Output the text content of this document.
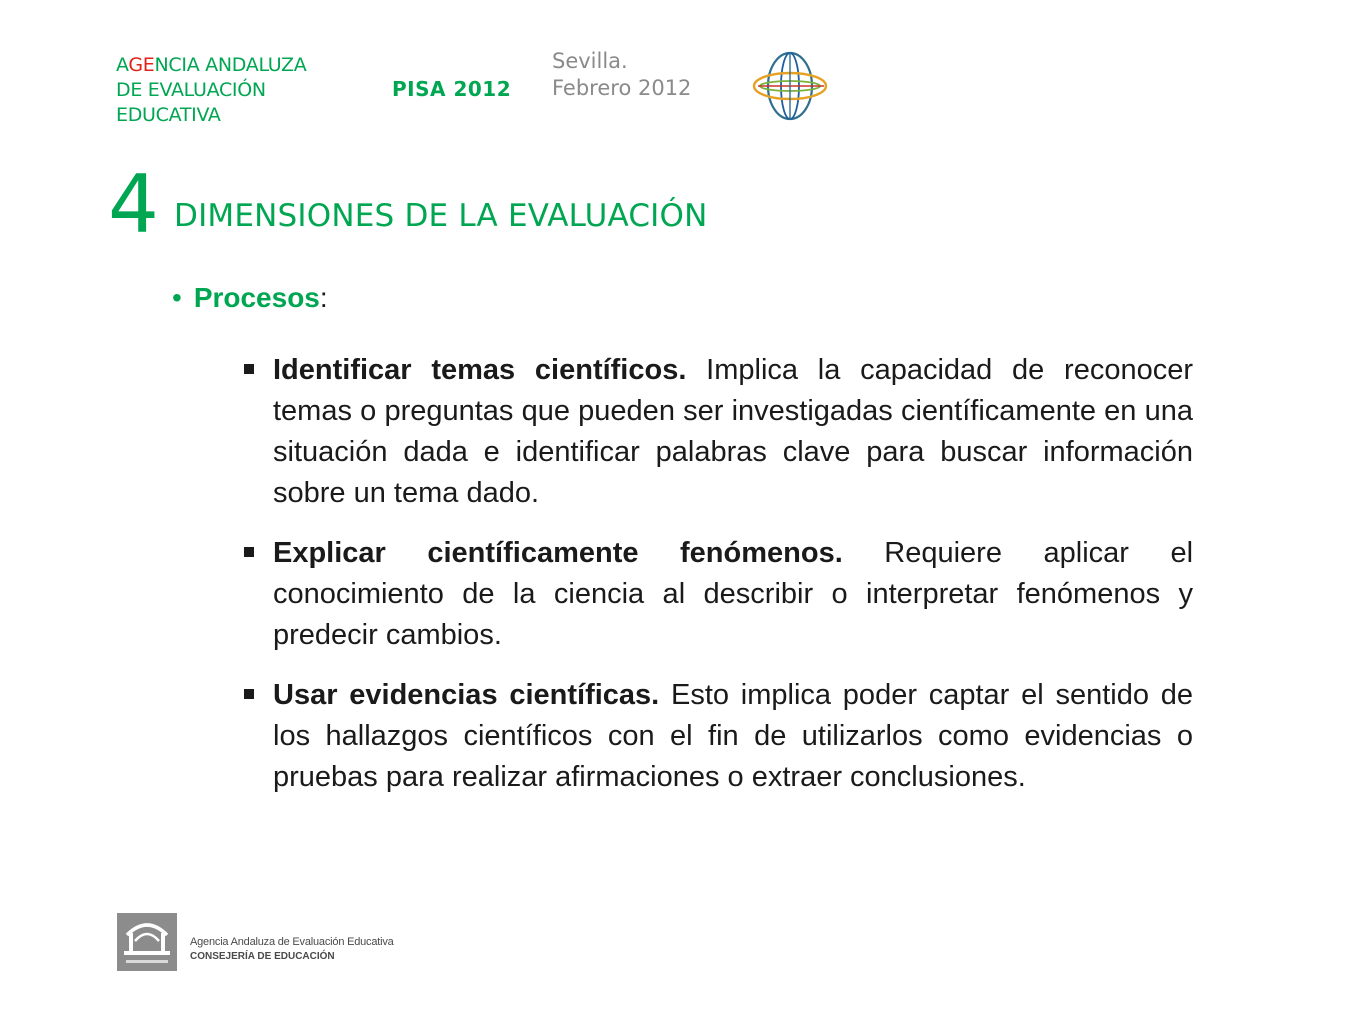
AGENCIA ANDALUZA
DE EVALUACIÓN
EDUCATIVA
PISA 2012
Sevilla.
Febrero 2012
4 DIMENSIONES DE LA EVALUACIÓN
• Procesos:

Identificar temas científicos. Implica la capacidad de reconocer temas o preguntas que pueden ser investigadas científicamente en una situación dada e identificar palabras clave para buscar información sobre un tema dado.

Explicar científicamente fenómenos. Requiere aplicar el conocimiento de la ciencia al describir o interpretar fenómenos y predecir cambios.

Usar evidencias científicas. Esto implica poder captar el sentido de los hallazgos científicos con el fin de utilizarlos como evidencias o pruebas para realizar afirmaciones o extraer conclusiones.

Agencia Andaluza de Evaluación Educativa
CONSEJERÍA DE EDUCACIÓN
